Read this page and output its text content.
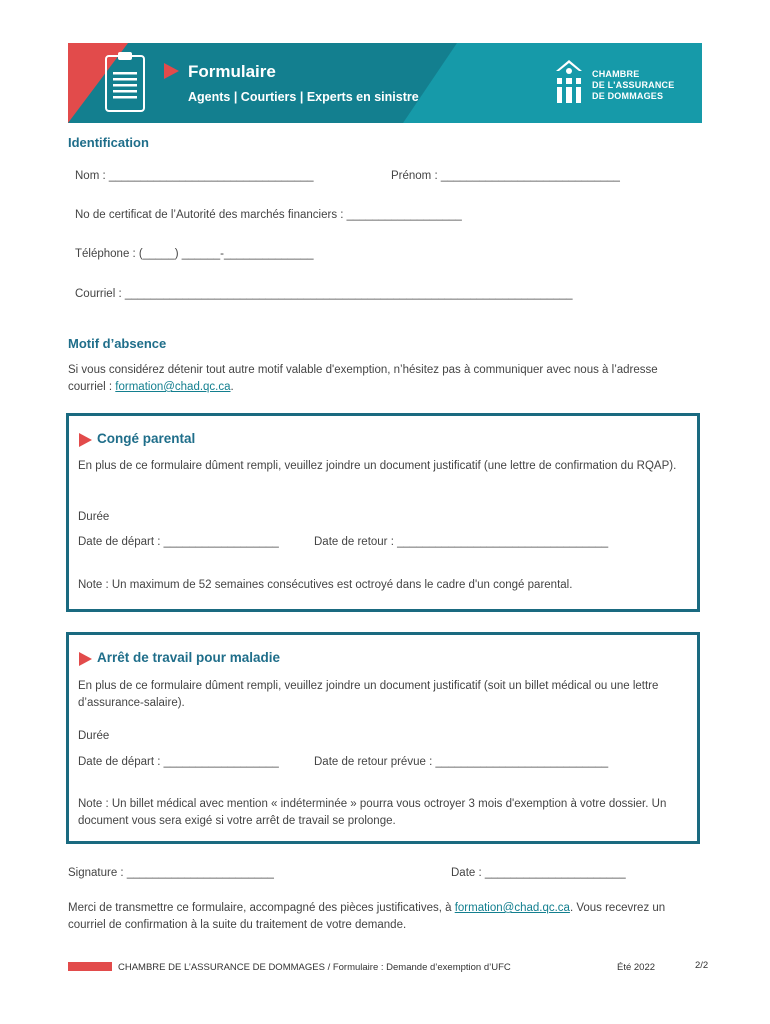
Formulaire
Agents | Courtiers | Experts en sinistre
CHAMBRE
DE L'ASSURANCE
DE DOMMAGES
Identification
Nom : ________________________________	Prénom : ____________________________
No de certificat de l’Autorité des marchés financiers : __________________
Téléphone : (_____) ______-______________
Courriel : ______________________________________________________________________
Motif d’absence
Si vous considérez détenir tout autre motif valable d'exemption, n’hésitez pas à communiquer avec nous à l’adresse courriel : formation@chad.qc.ca.
Congé parental
En plus de ce formulaire dûment rempli, veuillez joindre un document justificatif (une lettre de confirmation du RQAP).
Durée
Date de départ : __________________	Date de retour : _________________________________
Note : Un maximum de 52 semaines consécutives est octroyé dans le cadre d'un congé parental.
Arrêt de travail pour maladie
En plus de ce formulaire dûment rempli, veuillez joindre un document justificatif (soit un billet médical ou une lettre d’assurance-salaire).
Durée
Date de départ : __________________	Date de retour prévue : ___________________________
Note : Un billet médical avec mention « indéterminée » pourra vous octroyer 3 mois d'exemption à votre dossier. Un document vous sera exigé si votre arrêt de travail se prolonge.
Signature : _______________________	Date : ______________________
Merci de transmettre ce formulaire, accompagné des pièces justificatives, à formation@chad.qc.ca. Vous recevrez un courriel de confirmation à la suite du traitement de votre demande.
CHAMBRE DE L’ASSURANCE DE DOMMAGES / Formulaire : Demande d’exemption d’UFC	Été 2022	2/2
